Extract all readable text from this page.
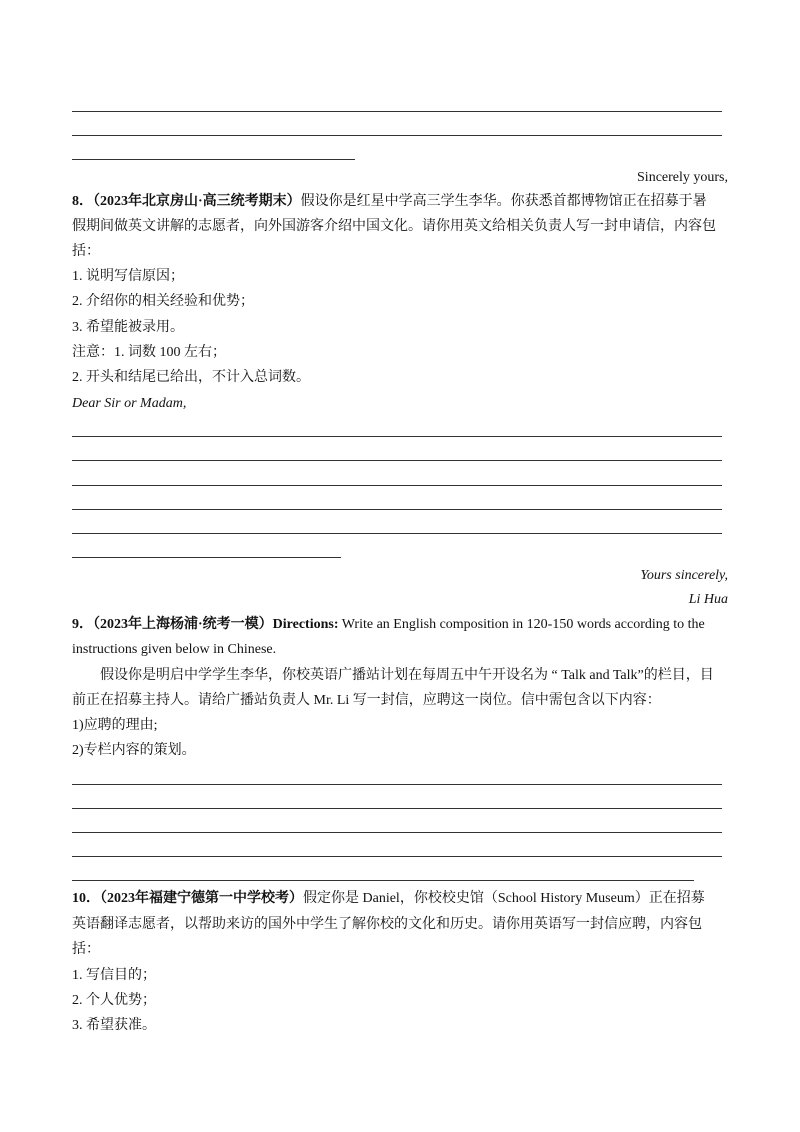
Sincerely yours,
8．（2023年北京房山·高三统考期末）假设你是红星中学高三学生李华。你获悉首都博物馆正在招募于暑
假期间做英文讲解的志愿者，向外国游客介绍中国文化。请你用英文给相关负责人写一封申请信，内容包
括：
1. 说明写信原因；
2. 介绍你的相关经验和优势；
3. 希望能被录用。
注意：1. 词数 100 左右；
2. 开头和结尾已给出，不计入总词数。
Dear Sir or Madam,
Yours sincerely,
Li Hua
9．（2023年上海杨浦·统考一模）Directions: Write an English composition in 120-150 words according to the
instructions given below in Chinese.
假设你是明启中学学生李华，你校英语广播站计划在每周五中午开设名为 “ Talk and Talk”的栏目，目
前正在招募主持人。请给广播站负责人 Mr. Li 写一封信，应聘这一岗位。信中需包含以下内容：
1)应聘的理由;
2)专栏内容的策划。
10．（2023年福建宁德第一中学校考）假定你是 Daniel，你校校史馆（School History Museum）正在招募
英语翻译志愿者，以帮助来访的国外中学生了解你校的文化和历史。请你用英语写一封信应聘，内容包
括：
1. 写信目的；
2. 个人优势；
3. 希望获准。
